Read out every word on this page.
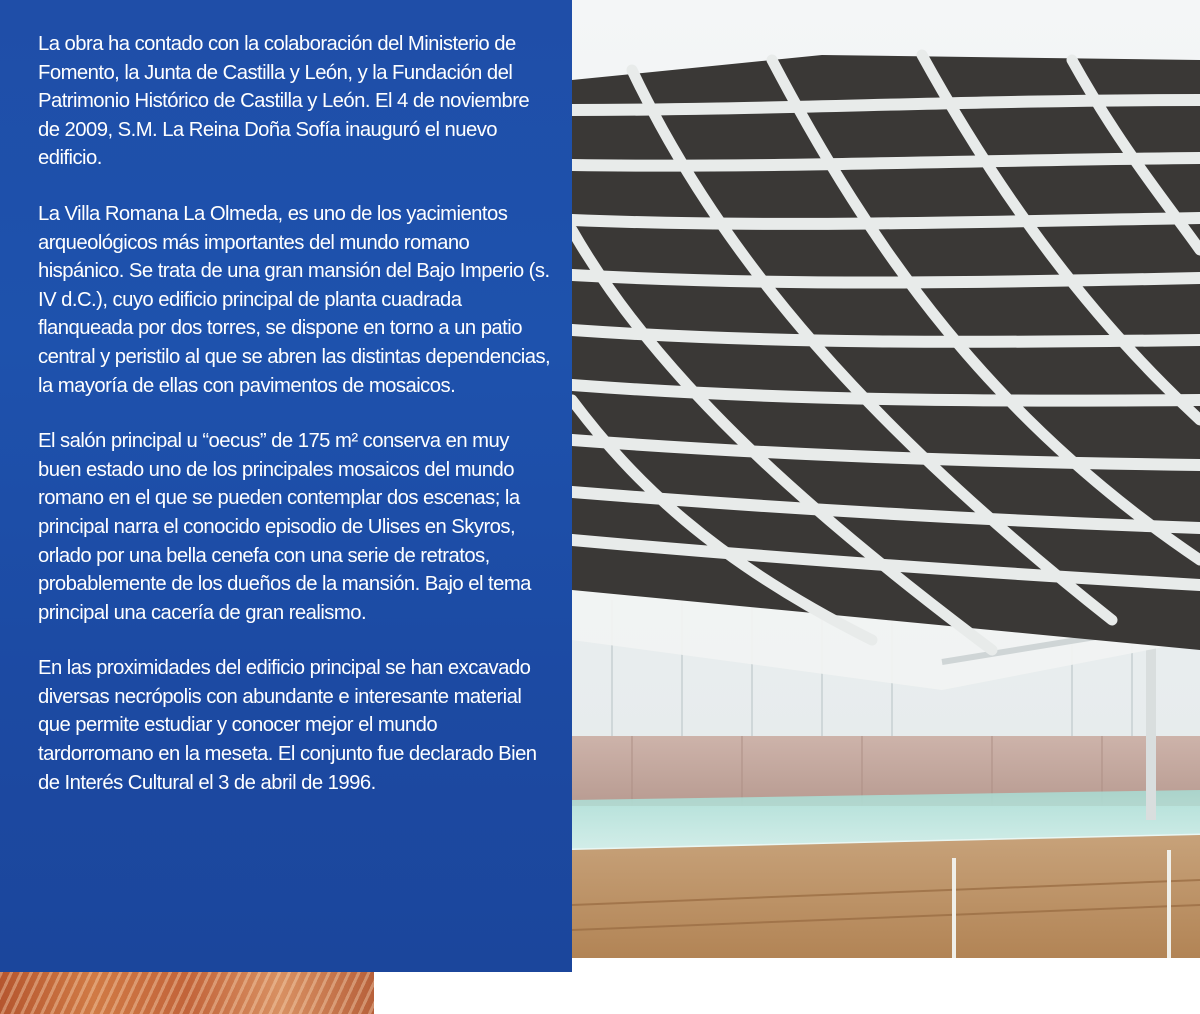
La obra ha contado con la colaboración del Ministerio de Fomento, la Junta de Castilla y León, y la Fundación del Patrimonio Histórico de Castilla y León. El 4 de noviembre de 2009, S.M. La Reina Doña Sofía inauguró el nuevo edificio.

La Villa Romana La Olmeda, es uno de los yacimientos arqueológicos más importantes del mundo romano hispánico. Se trata de una gran mansión del Bajo Imperio (s. IV d.C.), cuyo edificio principal de planta cuadrada flanqueada por dos torres, se dispone en torno a un patio central y peristilo al que se abren las distintas dependencias, la mayoría de ellas con pavimentos de mosaicos.

El salón principal u “oecus” de 175 m² conserva en muy buen estado uno de los principales mosaicos del mundo romano en el que se pueden contemplar dos escenas; la principal narra el conocido episodio de Ulises en Skyros, orlado por una bella cenefa con una serie de retratos, probablemente de los dueños de la mansión. Bajo el tema principal una cacería de gran realismo.

En las proximidades del edificio principal se han excavado diversas necrópolis con abundante e interesante material que permite estudiar y conocer mejor el mundo tardorromano en la meseta. El conjunto fue declarado Bien de Interés Cultural el 3 de abril de 1996.
